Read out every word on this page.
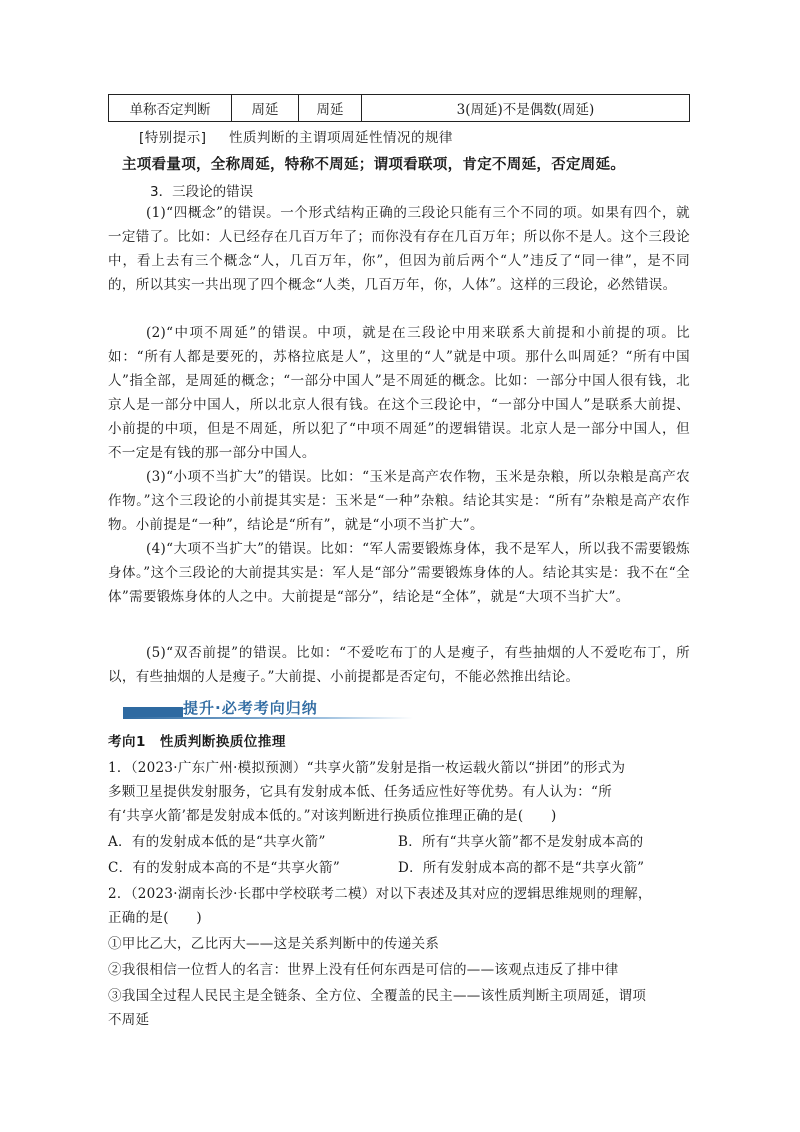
单称否定判断	周延	周延	3(周延)不是偶数(周延)
[特别提示] 性质判断的主谓项周延性情况的规律
主项看量项，全称周延，特称不周延；谓项看联项，肯定不周延，否定周延。
3．三段论的错误

(1)“四概念”的错误。一个形式结构正确的三段论只能有三个不同的项。如果有四个，就一定错了。比如：人已经存在几百万年了；而你没有存在几百万年；所以你不是人。这个三段论中，看上去有三个概念“人，几百万年，你”，但因为前后两个“人”违反了“同一律”，是不同的，所以其实一共出现了四个概念“人类，几百万年，你，人体”。这样的三段论，必然错误。

(2)“中项不周延”的错误。中项，就是在三段论中用来联系大前提和小前提的项。比如：“所有人都是要死的，苏格拉底是人”，这里的“人”就是中项。那什么叫周延？“所有中国人”指全部，是周延的概念；“一部分中国人”是不周延的概念。比如：一部分中国人很有钱，北京人是一部分中国人，所以北京人很有钱。在这个三段论中，“一部分中国人”是联系大前提、小前提的中项，但是不周延，所以犯了“中项不周延”的逻辑错误。北京人是一部分中国人，但不一定是有钱的那一部分中国人。

(3)“小项不当扩大”的错误。比如：“玉米是高产农作物，玉米是杂粮，所以杂粮是高产农作物。”这个三段论的小前提其实是：玉米是“一种”杂粮。结论其实是：“所有”杂粮是高产农作物。小前提是“一种”，结论是“所有”，就是“小项不当扩大”。

(4)“大项不当扩大”的错误。比如：“军人需要锻炼身体，我不是军人，所以我不需要锻炼身体。”这个三段论的大前提其实是：军人是“部分”需要锻炼身体的人。结论其实是：我不在“全体”需要锻炼身体的人之中。大前提是“部分”，结论是“全体”，就是“大项不当扩大”。

(5)“双否前提”的错误。比如：“不爱吃布丁的人是瘦子，有些抽烟的人不爱吃布丁，所以，有些抽烟的人是瘦子。”大前提、小前提都是否定句，不能必然推出结论。

提升·必考考向归纳
考向1　性质判断换质位推理
1．（2023·广东广州·模拟预测）“共享火箭”发射是指一枚运载火箭以“拼团”的形式为
多颗卫星提供发射服务，它具有发射成本低、任务适应性好等优势。有人认为：“所
有‘共享火箭’都是发射成本低的。”对该判断进行换质位推理正确的是(　　)
A．有的发射成本低的是“共享火箭”	B．所有“共享火箭”都不是发射成本高的
C．有的发射成本高的不是“共享火箭”	D．所有发射成本高的都不是“共享火箭”
2．（2023·湖南长沙·长郡中学校联考二模）对以下表述及其对应的逻辑思维规则的理解，
正确的是(　　)
①甲比乙大，乙比丙大——这是关系判断中的传递关系
②我很相信一位哲人的名言：世界上没有任何东西是可信的——该观点违反了排中律
③我国全过程人民民主是全链条、全方位、全覆盖的民主——该性质判断主项周延，谓项
不周延
